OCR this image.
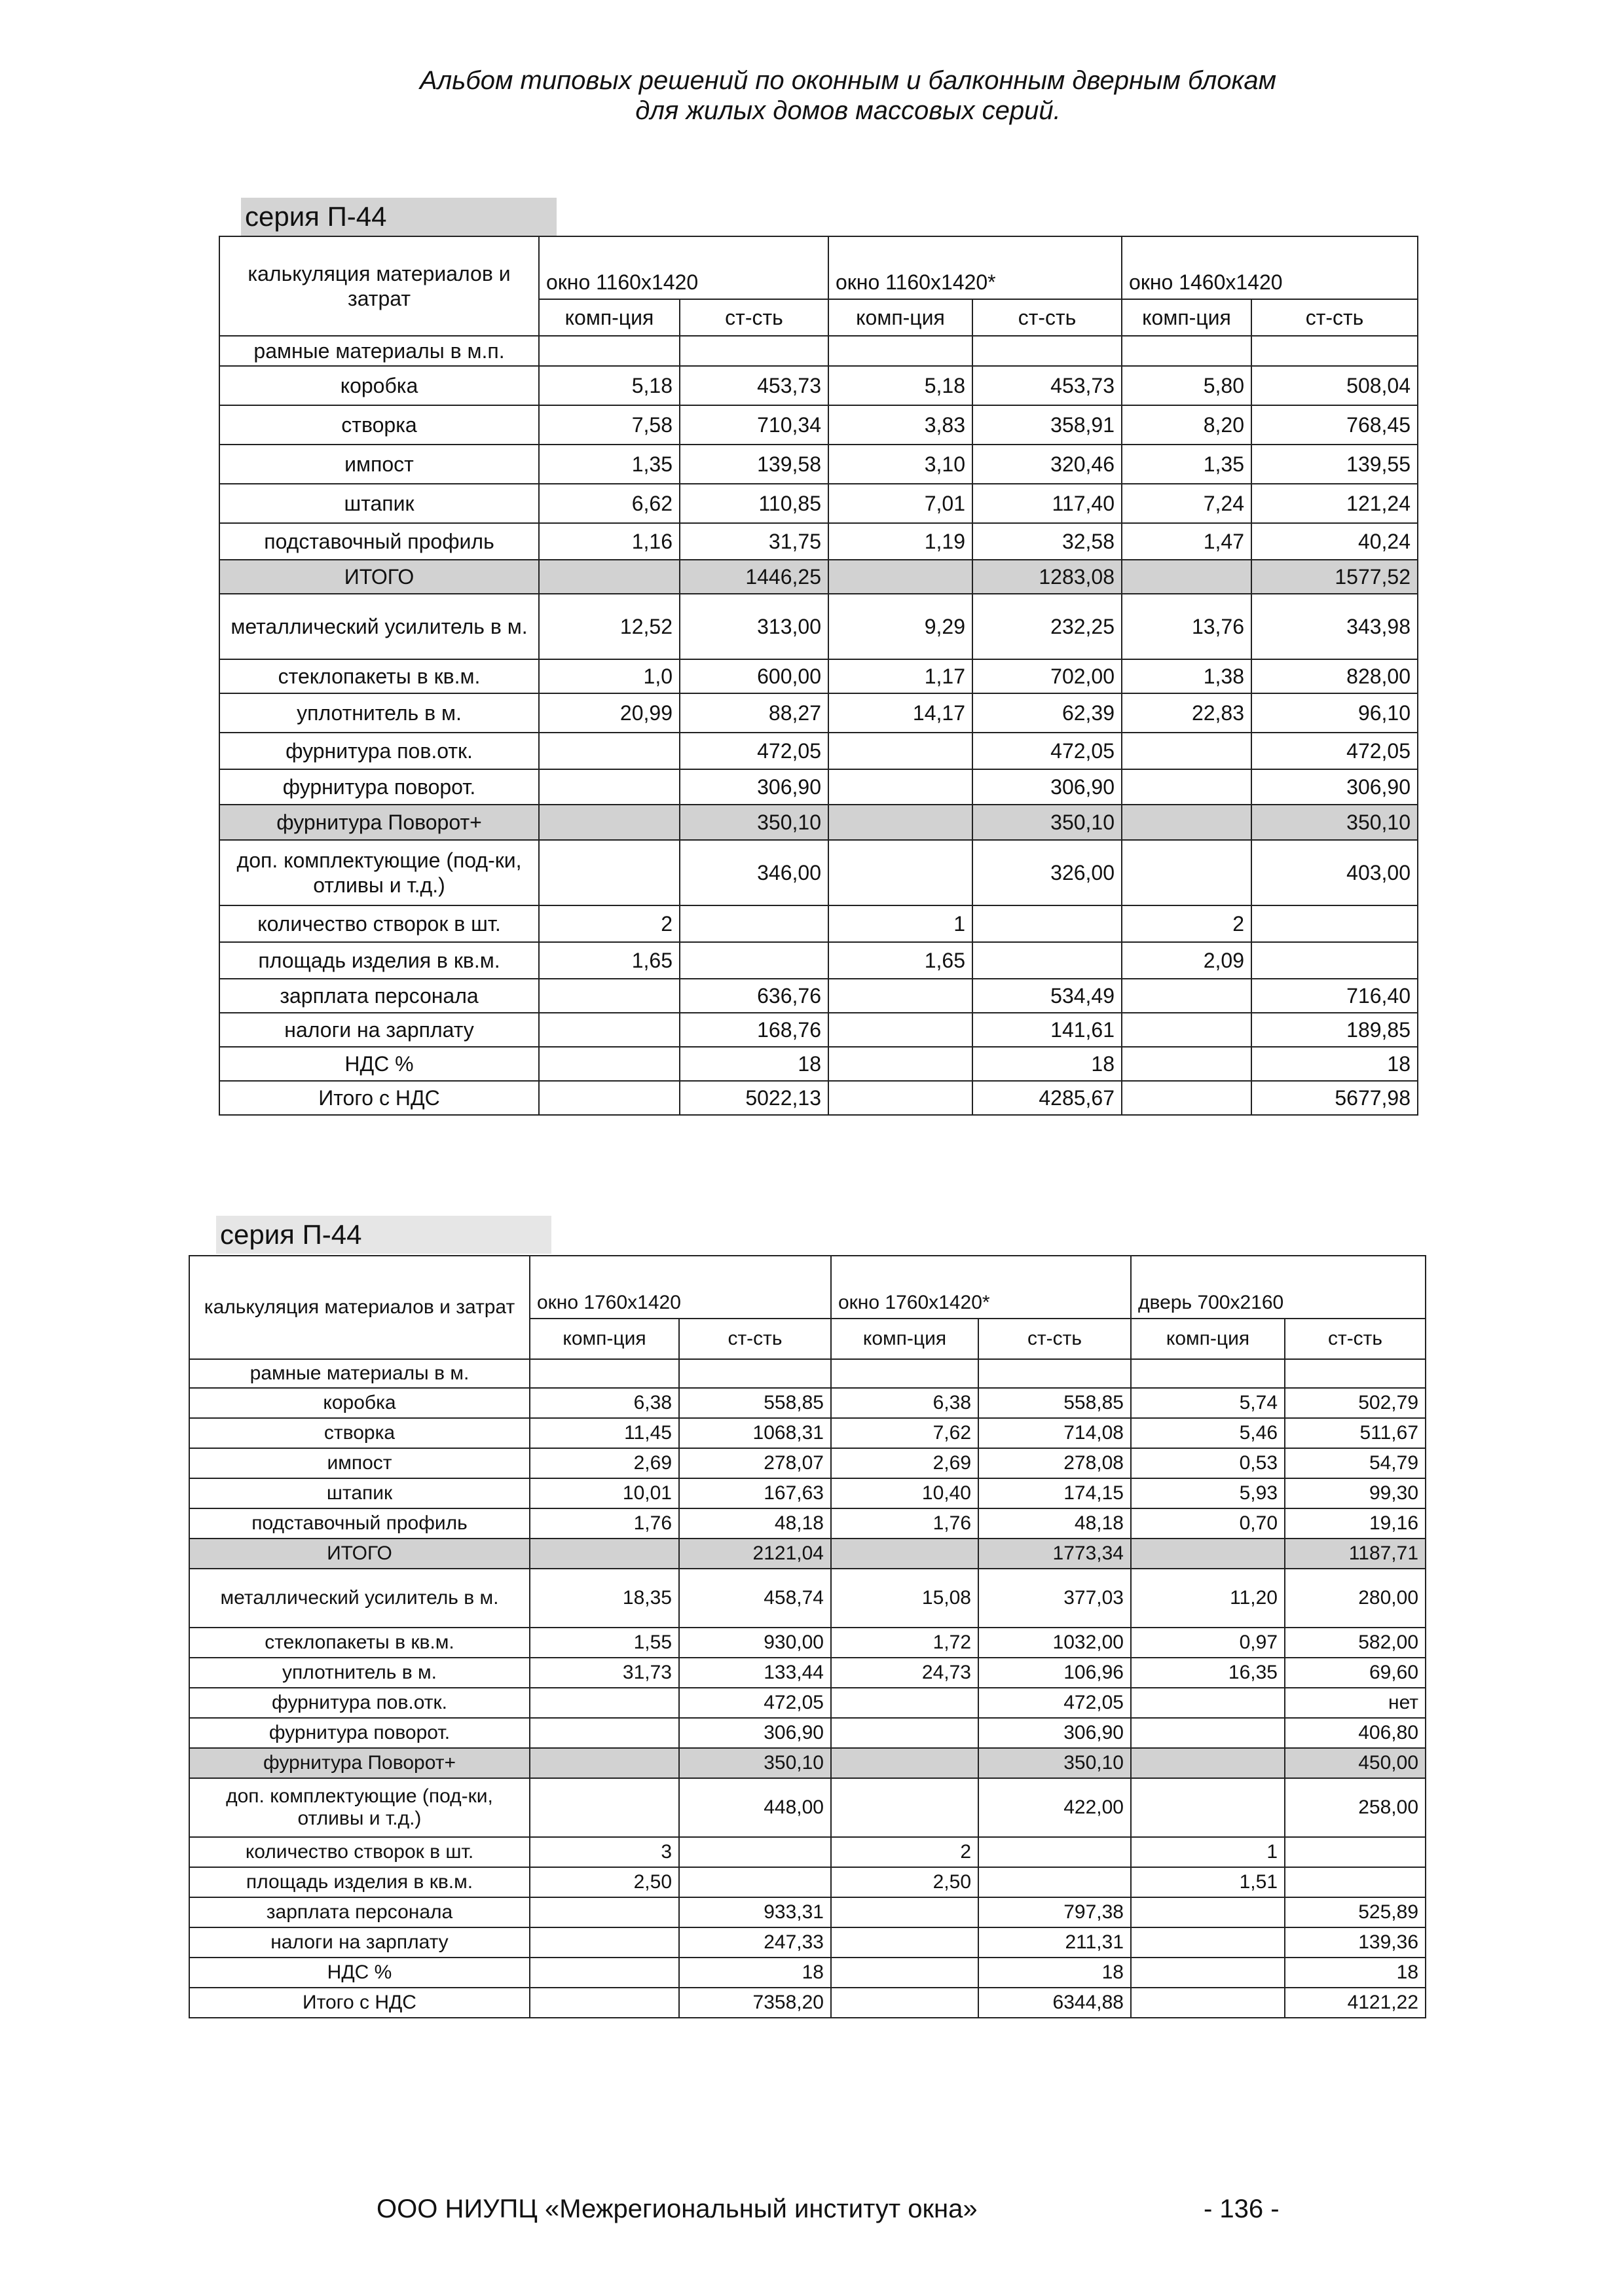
Альбом типовых решений по оконным и балконным дверным блокам
для жилых домов массовых серий.
серия П-44
калькуляция материалов и затрат	окно 1160х1420		окно 1160х1420*		окно 1460х1420	
	комп-ция	ст-сть	комп-ция	ст-сть	комп-ция	ст-сть
рамные материалы в м.п.						
коробка	5,18	453,73	5,18	453,73	5,80	508,04
створка	7,58	710,34	3,83	358,91	8,20	768,45
импост	1,35	139,58	3,10	320,46	1,35	139,55
штапик	6,62	110,85	7,01	117,40	7,24	121,24
подставочный профиль	1,16	31,75	1,19	32,58	1,47	40,24
ИТОГО		1446,25		1283,08		1577,52
металлический усилитель в м.	12,52	313,00	9,29	232,25	13,76	343,98
стеклопакеты в кв.м.	1,0	600,00	1,17	702,00	1,38	828,00
уплотнитель в м.	20,99	88,27	14,17	62,39	22,83	96,10
фурнитура пов.отк.		472,05		472,05		472,05
фурнитура поворот.		306,90		306,90		306,90
фурнитура Поворот+		350,10		350,10		350,10
доп. комплектующие (под-ки, отливы и т.д.)		346,00		326,00		403,00
количество створок в шт.	2		1		2	
площадь изделия в кв.м.	1,65		1,65		2,09	
зарплата персонала		636,76		534,49		716,40
налоги на зарплату		168,76		141,61		189,85
НДС %		18		18		18
Итого с НДС		5022,13		4285,67		5677,98
серия П-44
калькуляция материалов и затрат	окно 1760х1420		окно 1760х1420*		дверь 700х2160	
	комп-ция	ст-сть	комп-ция	ст-сть	комп-ция	ст-сть
рамные материалы в м.						
коробка	6,38	558,85	6,38	558,85	5,74	502,79
створка	11,45	1068,31	7,62	714,08	5,46	511,67
импост	2,69	278,07	2,69	278,08	0,53	54,79
штапик	10,01	167,63	10,40	174,15	5,93	99,30
подставочный профиль	1,76	48,18	1,76	48,18	0,70	19,16
ИТОГО		2121,04		1773,34		1187,71
металлический усилитель в м.	18,35	458,74	15,08	377,03	11,20	280,00
стеклопакеты в кв.м.	1,55	930,00	1,72	1032,00	0,97	582,00
уплотнитель в м.	31,73	133,44	24,73	106,96	16,35	69,60
фурнитура пов.отк.		472,05		472,05		нет
фурнитура поворот.		306,90		306,90		406,80
фурнитура Поворот+		350,10		350,10		450,00
доп. комплектующие (под-ки, отливы и т.д.)		448,00		422,00		258,00
количество створок в шт.	3		2		1	
площадь изделия в кв.м.	2,50		2,50		1,51	
зарплата персонала		933,31		797,38		525,89
налоги на зарплату		247,33		211,31		139,36
НДС %		18		18		18
Итого с НДС		7358,20		6344,88		4121,22
ООО НИУПЦ «Межрегиональный институт окна»	- 136 -
